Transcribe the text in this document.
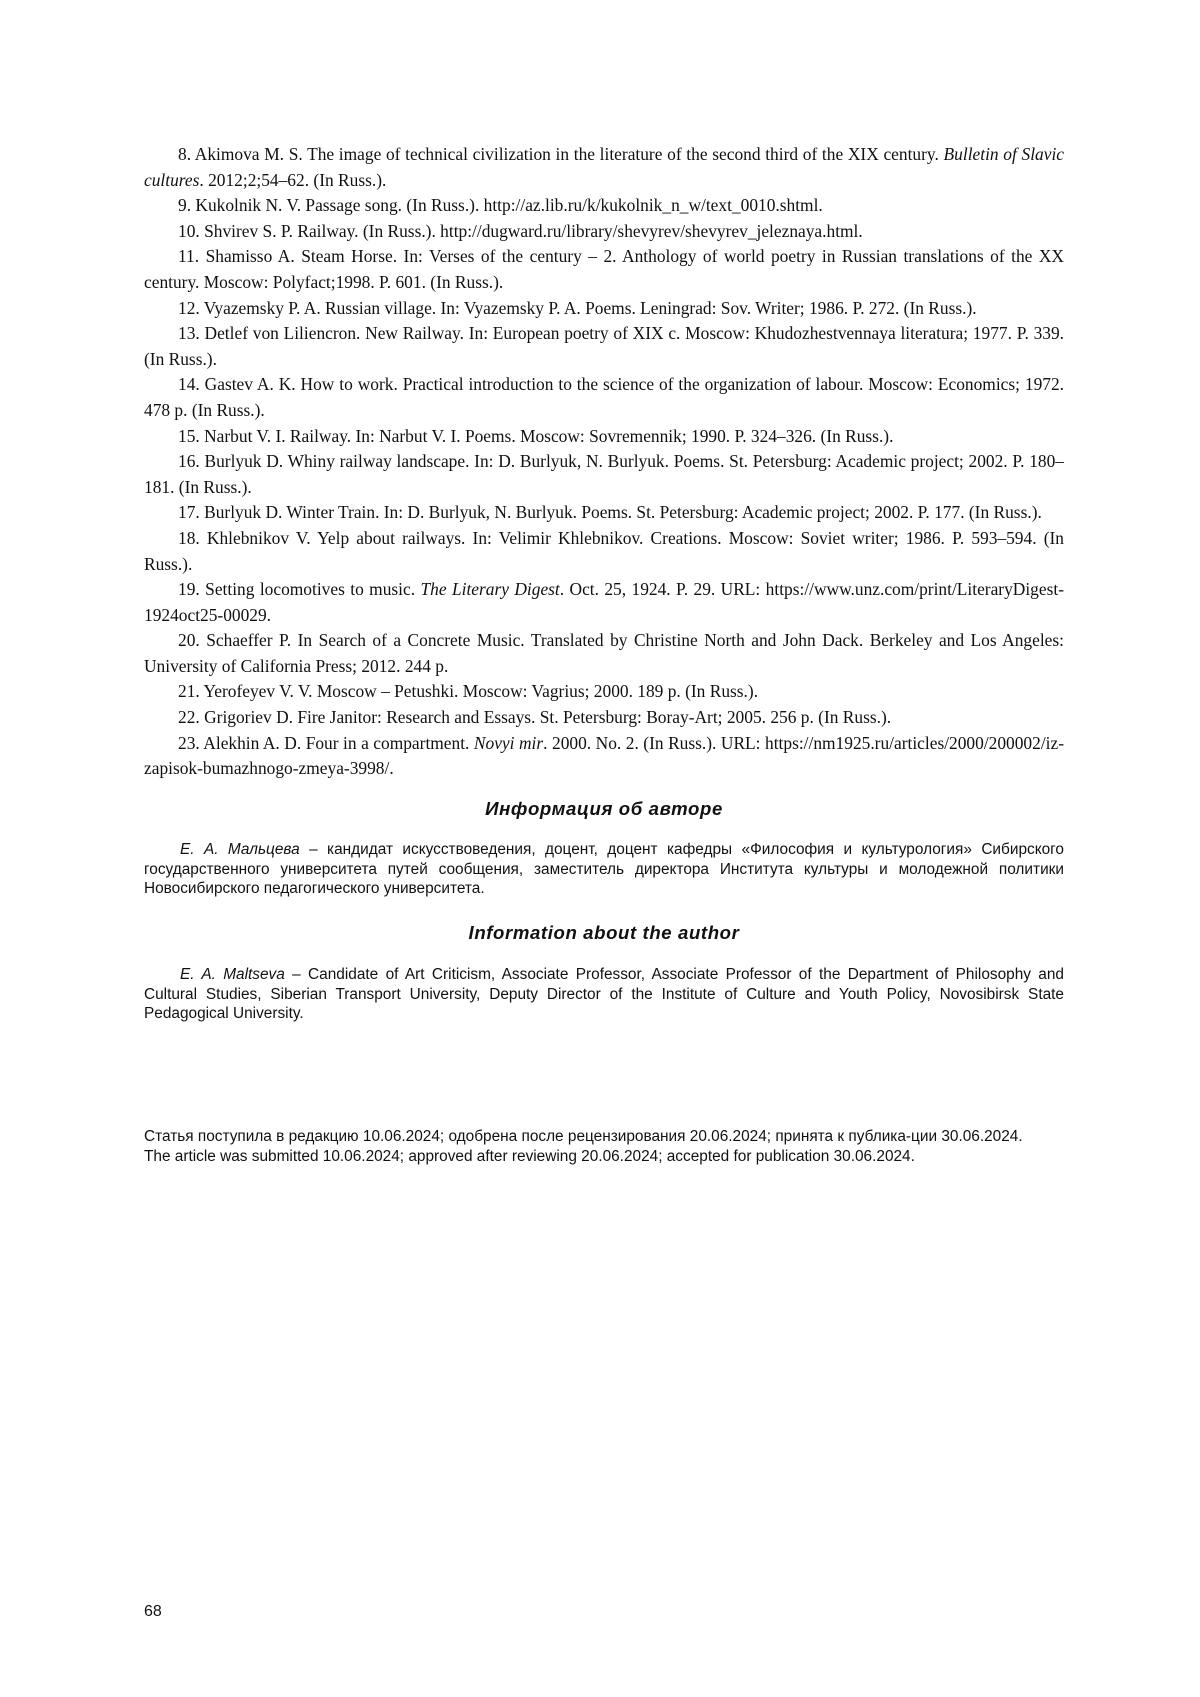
8. Akimova M. S. The image of technical civilization in the literature of the second third of the XIX century. Bulletin of Slavic cultures. 2012;2;54–62. (In Russ.).

9. Kukolnik N. V. Passage song. (In Russ.). http://az.lib.ru/k/kukolnik_n_w/text_0010.shtml.

10. Shvirev S. P. Railway. (In Russ.). http://dugward.ru/library/shevyrev/shevyrev_jeleznaya.html.

11. Shamisso A. Steam Horse. In: Verses of the century – 2. Anthology of world poetry in Russian translations of the XX century. Moscow: Polyfact;1998. P. 601. (In Russ.).

12. Vyazemsky P. A. Russian village. In: Vyazemsky P. A. Poems. Leningrad: Sov. Writer; 1986. P. 272. (In Russ.).

13. Detlef von Liliencron. New Railway. In: European poetry of XIX c. Moscow: Khudozhestvennaya literatura; 1977. P. 339. (In Russ.).

14. Gastev A. K. How to work. Practical introduction to the science of the organization of labour. Moscow: Economics; 1972. 478 p. (In Russ.).

15. Narbut V. I. Railway. In: Narbut V. I. Poems. Moscow: Sovremennik; 1990. P. 324–326. (In Russ.).

16. Burlyuk D. Whiny railway landscape. In: D. Burlyuk, N. Burlyuk. Poems. St. Petersburg: Academic project; 2002. P. 180–181. (In Russ.).

17. Burlyuk D. Winter Train. In: D. Burlyuk, N. Burlyuk. Poems. St. Petersburg: Academic project; 2002. P. 177. (In Russ.).

18. Khlebnikov V. Yelp about railways. In: Velimir Khlebnikov. Creations. Moscow: Soviet writer; 1986. P. 593–594. (In Russ.).

19. Setting locomotives to music. The Literary Digest. Oct. 25, 1924. P. 29. URL: https://www.unz.com/print/LiteraryDigest-1924oct25-00029.

20. Schaeffer P. In Search of a Concrete Music. Translated by Christine North and John Dack. Berkeley and Los Angeles: University of California Press; 2012. 244 p.

21. Yerofeyev V. V. Moscow – Petushki. Moscow: Vagrius; 2000. 189 p. (In Russ.).

22. Grigoriev D. Fire Janitor: Research and Essays. St. Petersburg: Boray-Art; 2005. 256 p. (In Russ.).

23. Alekhin A. D. Four in a compartment. Novyi mir. 2000. No. 2. (In Russ.). URL: https://nm1925.ru/articles/2000/200002/iz-zapisok-bumazhnogo-zmeya-3998/.

Информация об авторе

Е. А. Мальцева – кандидат искусствоведения, доцент, доцент кафедры «Философия и культурология» Сибирского государственного университета путей сообщения, заместитель директора Института культуры и молодежной политики Новосибирского педагогического университета.

Information about the author

E. A. Maltseva – Candidate of Art Criticism, Associate Professor, Associate Professor of the Department of Philosophy and Cultural Studies, Siberian Transport University, Deputy Director of the Institute of Culture and Youth Policy, Novosibirsk State Pedagogical University.

Статья поступила в редакцию 10.06.2024; одобрена после рецензирования 20.06.2024; принята к публика-ции 30.06.2024.

The article was submitted 10.06.2024; approved after reviewing 20.06.2024; accepted for publication 30.06.2024.

68
